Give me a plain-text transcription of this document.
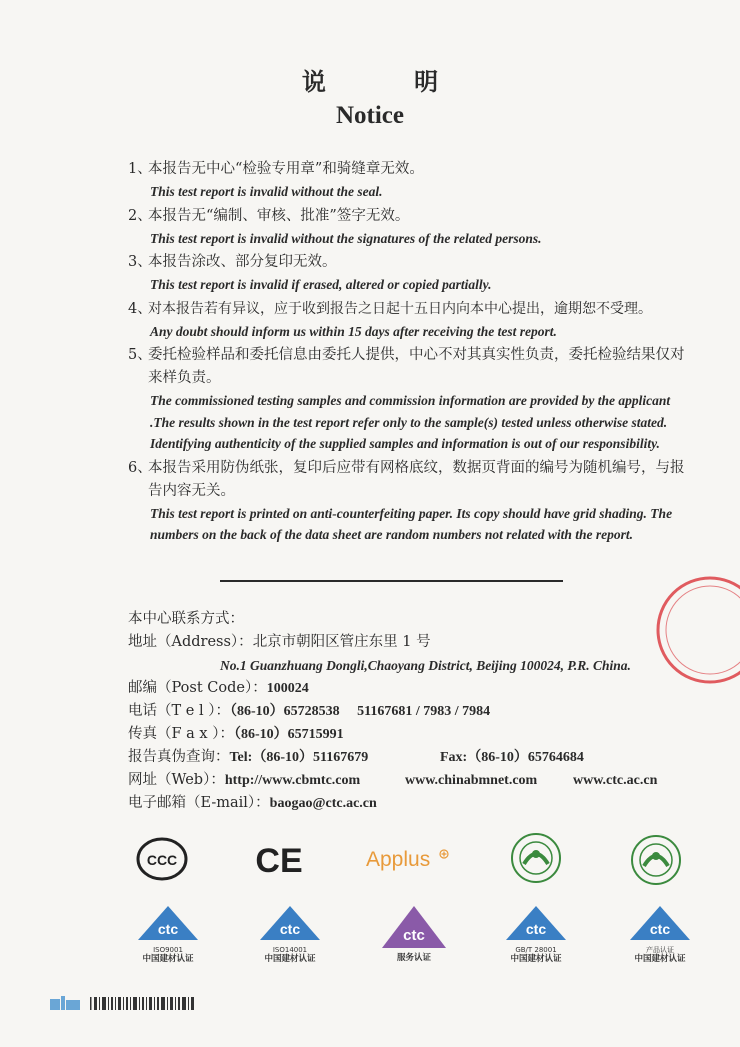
说 明
Notice
1、
本报告无中心“检验专用章”和骑缝章无效。
This test report is invalid without the seal.
2、
本报告无“编制、审核、批准”签字无效。
This test report is invalid without the signatures of the related persons.
3、
本报告涂改、部分复印无效。
This test report is invalid if erased, altered or copied partially.
4、
对本报告若有异议，应于收到报告之日起十五日内向本中心提出，逾期恕不受理。
Any doubt should inform us within 15 days after receiving the test report.
5、
委托检验样品和委托信息由委托人提供，中心不对其真实性负责，委托检验结果仅对来样负责。
The commissioned testing samples and commission information are provided by the applicant .The results shown in the test report refer only to the sample(s) tested unless otherwise stated. Identifying authenticity of the supplied samples and information is out of our responsibility.
6、
本报告采用防伪纸张，复印后应带有网格底纹，数据页背面的编号为随机编号，与报告内容无关。
This test report is printed on anti-counterfeiting paper. Its copy should have grid shading. The numbers on the back of the data sheet are random numbers not related with the report.
本中心联系方式：
地址（Address）：北京市朝阳区管庄东里 1 号
No.1 Guanzhuang Dongli,Chaoyang District, Beijing 100024, P.R. China.
邮编（Post Code）：100024
电话（T e l ）：（86-10）65728538     51167681 / 7983 / 7984
传真（F a x ）：（86-10）65715991
报告真伪查询：Tel:（86-10）51167679	Fax:（86-10）65764684
网址（Web）：http://www.cbmtc.com	www.chinabmnet.com	www.ctc.ac.cn
电子邮箱（E-mail）：baogao@ctc.ac.cn
CCC CE	Applus
ctc
ISO9001
中国建材认证
ctc
ISO14001
中国建材认证
ctc
服务认证
ctc
GB/T 28001
中国建材认证
ctc
产品认证
中国建材认证
